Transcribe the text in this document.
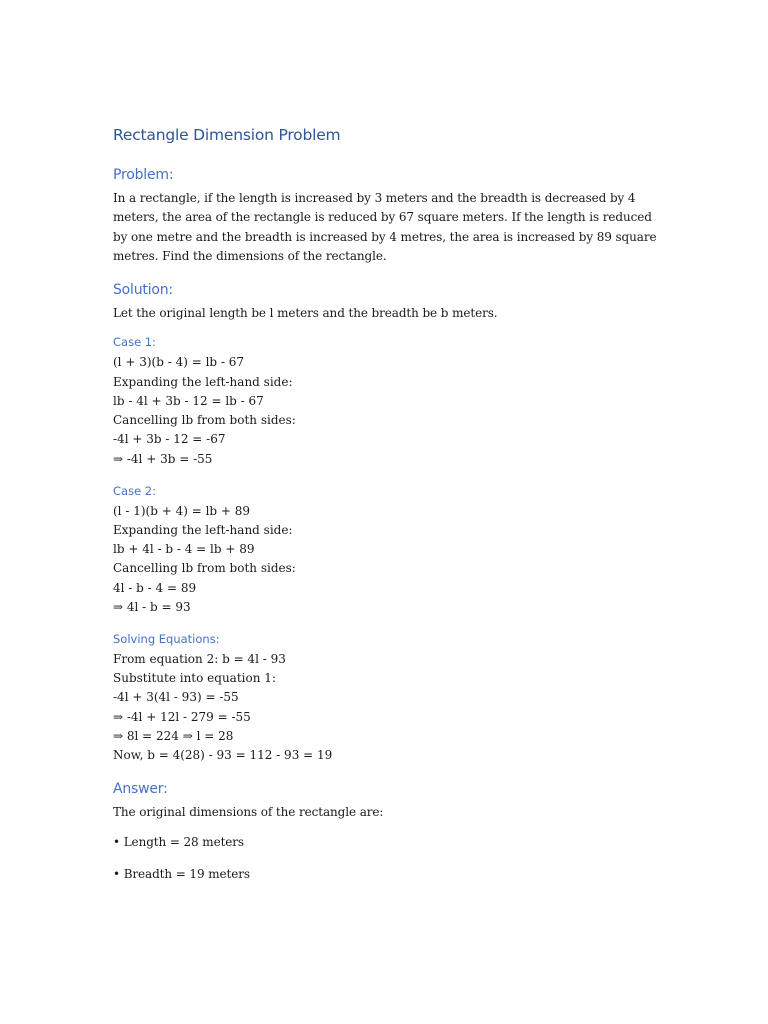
Rectangle Dimension Problem
Problem:
In a rectangle, if the length is increased by 3 meters and the breadth is decreased by 4 meters, the area of the rectangle is reduced by 67 square meters. If the length is reduced by one metre and the breadth is increased by 4 metres, the area is increased by 89 square metres. Find the dimensions of the rectangle.
Solution:
Let the original length be l meters and the breadth be b meters.
Case 1:
(l + 3)(b - 4) = lb - 67
Expanding the left-hand side:
lb - 4l + 3b - 12 = lb - 67
Cancelling lb from both sides:
-4l + 3b - 12 = -67
⇒ -4l + 3b = -55
Case 2:
(l - 1)(b + 4) = lb + 89
Expanding the left-hand side:
lb + 4l - b - 4 = lb + 89
Cancelling lb from both sides:
4l - b - 4 = 89
⇒ 4l - b = 93
Solving Equations:
From equation 2: b = 4l - 93
Substitute into equation 1:
-4l + 3(4l - 93) = -55
⇒ -4l + 12l - 279 = -55
⇒ 8l = 224 ⇒ l = 28
Now, b = 4(28) - 93 = 112 - 93 = 19
Answer:
The original dimensions of the rectangle are:
• Length = 28 meters
• Breadth = 19 meters
